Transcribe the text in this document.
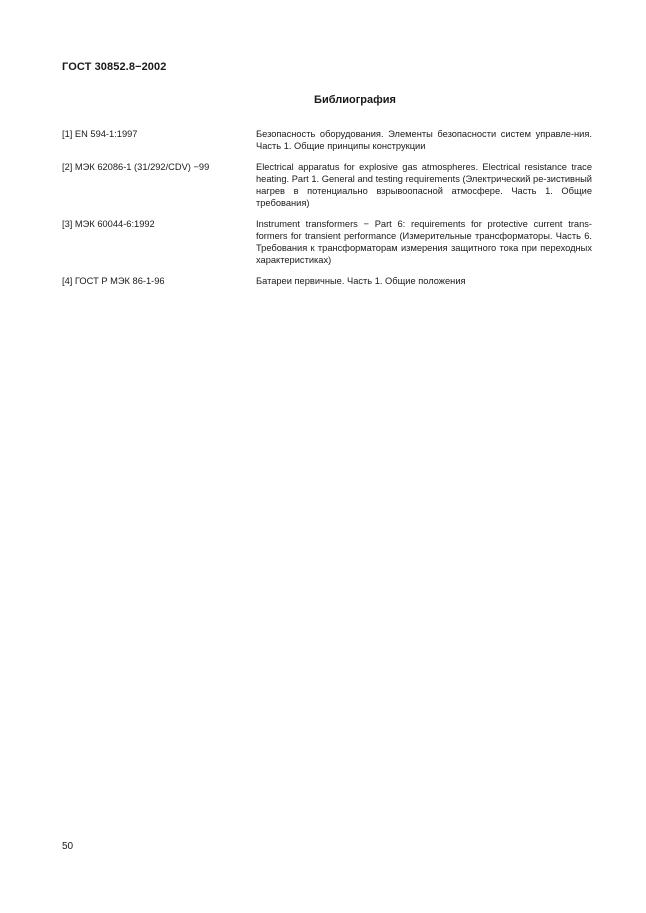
ГОСТ 30852.8−2002
Библиография
[1] EN 594-1:1997	Безопасность оборудования. Элементы безопасности систем управле-ния. Часть 1. Общие принципы конструкции
[2] МЭК 62086-1 (31/292/CDV) −99	Electrical apparatus for explosive gas atmospheres. Electrical resistance trace heating. Part 1. General and testing requirements (Электрический ре-зистивный нагрев в потенциально взрывоопасной атмосфере. Часть 1. Общие требования)
[3] МЭК 60044-6:1992	Instrument transformers − Part 6: requirements for protective current trans-formers for transient performance (Измерительные трансформаторы. Часть 6. Требования к трансформаторам измерения защитного тока при переходных характеристиках)
[4] ГОСТ Р МЭК 86-1-96	Батареи первичные. Часть 1. Общие положения
50
